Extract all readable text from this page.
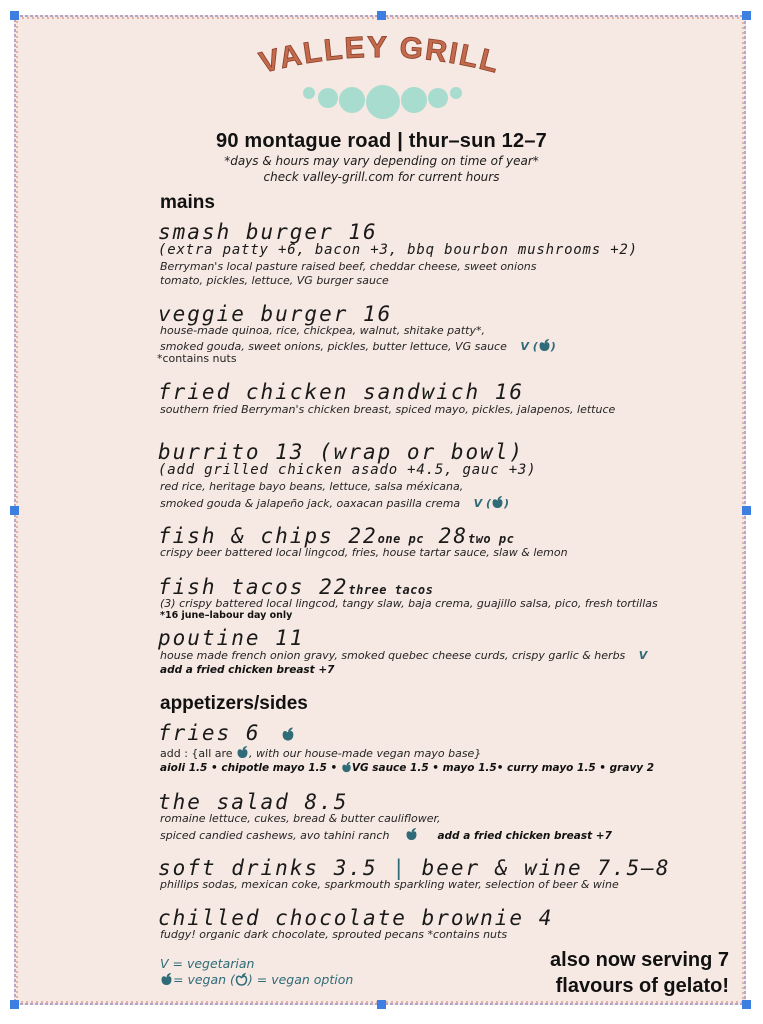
VALLEY GRILL
90 montague road | thur–sun 12–7
*days & hours may vary depending on time of year*
check valley-grill.com for current hours
mains
smash burger 16
(extra patty +6, bacon +3, bbq bourbon mushrooms +2)
Berryman's local pasture raised beef, cheddar cheese, sweet onions
tomato, pickles, lettuce, VG burger sauce
veggie burger 16
house-made quinoa, rice, chickpea, walnut, shitake patty*,
smoked gouda, sweet onions, pickles, butter lettuce, VG sauce V ( )
*contains nuts
fried chicken sandwich 16
southern fried Berryman's chicken breast, spiced mayo, pickles, jalapenos, lettuce
burrito 13 (wrap or bowl)
(add grilled chicken asado +4.5, gauc +3)
red rice, heritage bayo beans, lettuce, salsa méxicana,
smoked gouda & jalapeño jack, oaxacan pasilla crema V ( )
fish & chips 22one pc 28two pc
crispy beer battered local lingcod, fries, house tartar sauce, slaw & lemon
fish tacos 22three tacos
(3) crispy battered local lingcod, tangy slaw, baja crema, guajillo salsa, pico, fresh tortillas
*16 june–labour day only
poutine 11
house made french onion gravy, smoked quebec cheese curds, crispy garlic & herbs V
add a fried chicken breast +7
appetizers/sides
fries 6
add : {all are , with our house-made vegan mayo base}
aioli 1.5 • chipotle mayo 1.5 • VG sauce 1.5 • mayo 1.5• curry mayo 1.5 • gravy 2
the salad 8.5
romaine lettuce, cukes, bread & butter cauliflower,
spiced candied cashews, avo tahini ranch	add a fried chicken breast +7
soft drinks 3.5 | beer & wine 7.5–8
phillips sodas, mexican coke, sparkmouth sparkling water, selection of beer & wine
chilled chocolate brownie 4
fudgy! organic dark chocolate, sprouted pecans *contains nuts
V = vegetarian
= vegan ( ) = vegan option
also now serving 7
flavours of gelato!
